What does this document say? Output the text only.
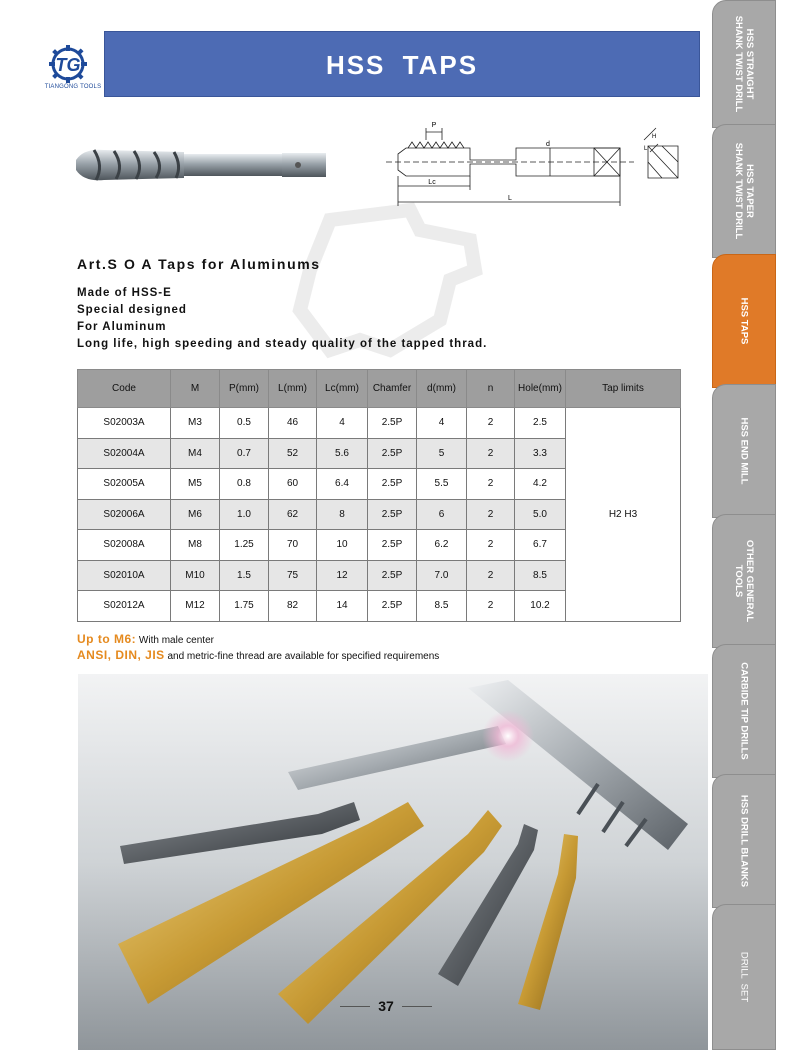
TG
TIANGONG TOOLS
HSS TAPS
HSS STRAIGHT
SHANK TWIST DRILL
HSS TAPER
SHANK TWIST DRILL
HSS TAPS
HSS END MILL
OTHER GENERAL
TOOLS
CARBIDE TIP DRILLS
HSS DRILL BLANKS
DRILL  SET
P
d
Lc
L
L
H
Art.S O A Taps for Aluminums
Made of HSS-E
Special designed
For Aluminum
Long life, high speeding and steady quality of the tapped thrad.
Code	M	P(mm)	L(mm)	Lc(mm)	Chamfer	d(mm)	n	Hole(mm)	Tap limits
S02003A	M3	0.5	46	4	2.5P	4	2	2.5	H2 H3
S02004A	M4	0.7	52	5.6	2.5P	5	2	3.3	
S02005A	M5	0.8	60	6.4	2.5P	5.5	2	4.2	
S02006A	M6	1.0	62	8	2.5P	6	2	5.0	
S02008A	M8	1.25	70	10	2.5P	6.2	2	6.7	
S02010A	M10	1.5	75	12	2.5P	7.0	2	8.5	
S02012A	M12	1.75	82	14	2.5P	8.5	2	10.2	
Up to M6: With male center
ANSI, DIN, JIS and metric-fine thread are available for specified requiremens
37
